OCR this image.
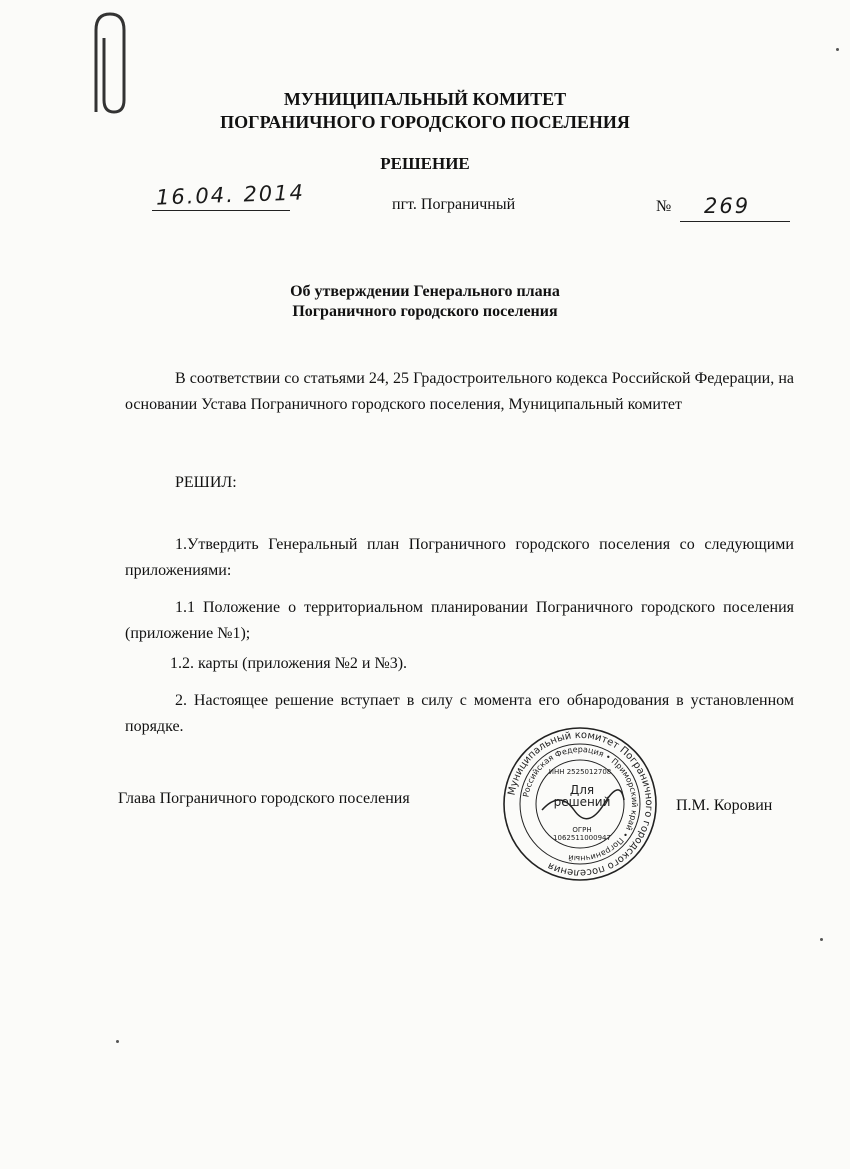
МУНИЦИПАЛЬНЫЙ КОМИТЕТ
ПОГРАНИЧНОГО ГОРОДСКОГО ПОСЕЛЕНИЯ
РЕШЕНИЕ
16.04. 2014	пгт. Пограничный	№ 269
Об утверждении Генерального плана
Пограничного городского поселения
В соответствии со статьями 24, 25 Градостроительного кодекса Российской Федерации, на основании Устава Пограничного городского поселения, Муниципальный комитет
РЕШИЛ:
1.Утвердить Генеральный план Пограничного городского поселения со следующими приложениями:
1.1 Положение о территориальном планировании Пограничного городского поселения (приложение №1);
1.2. карты (приложения №2 и №3).
2. Настоящее решение вступает в силу с момента его обнародования в установленном порядке.
Глава Пограничного городского поселения	П.М. Коровин
Муниципальный комитет Пограничного городского поселения
Российская Федерация • Приморский край • Пограничный
ИНН 2525012708
Для решений
ОГРН
1062511000947
